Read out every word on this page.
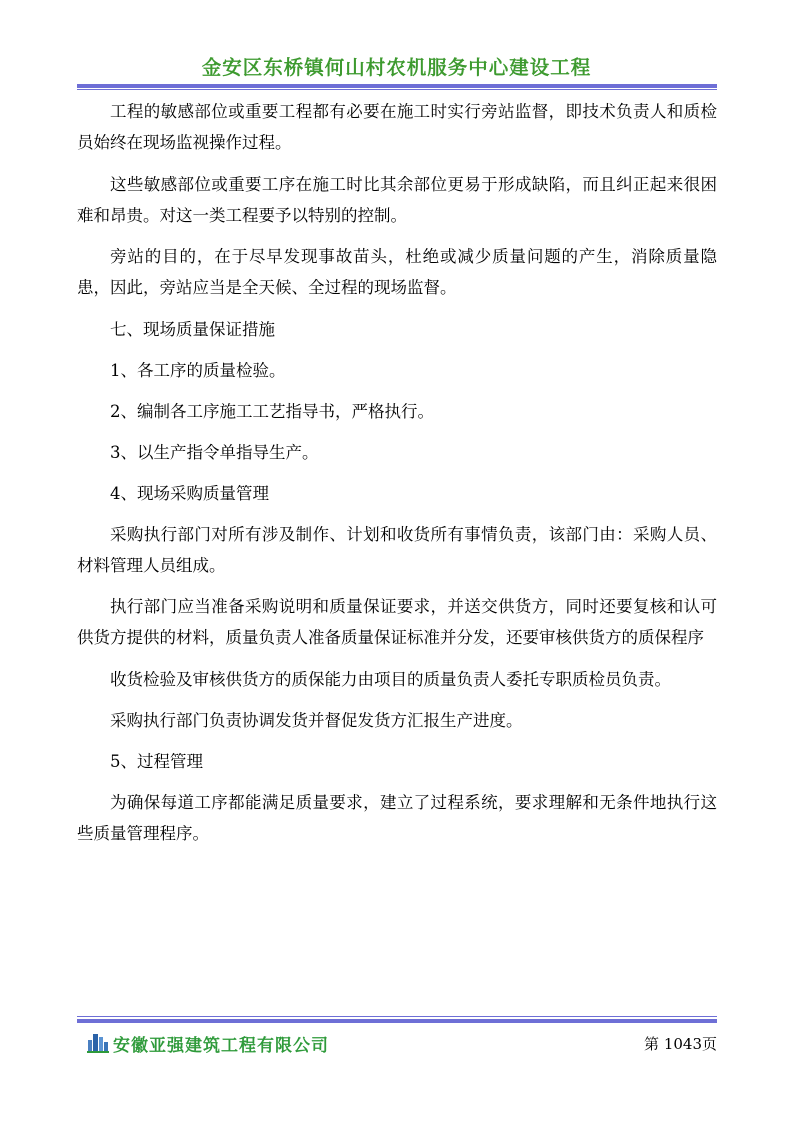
金安区东桥镇何山村农机服务中心建设工程

工程的敏感部位或重要工程都有必要在施工时实行旁站监督，即技术负责人和质检员始终在现场监视操作过程。

这些敏感部位或重要工序在施工时比其余部位更易于形成缺陷，而且纠正起来很困难和昂贵。对这一类工程要予以特别的控制。

旁站的目的，在于尽早发现事故苗头，杜绝或减少质量问题的产生，消除质量隐患，因此，旁站应当是全天候、全过程的现场监督。

七、现场质量保证措施

1、各工序的质量检验。

2、编制各工序施工工艺指导书，严格执行。

3、以生产指令单指导生产。

4、现场采购质量管理

采购执行部门对所有涉及制作、计划和收货所有事情负责，该部门由：采购人员、材料管理人员组成。

执行部门应当准备采购说明和质量保证要求，并送交供货方，同时还要复核和认可供货方提供的材料，质量负责人准备质量保证标准并分发，还要审核供货方的质保程序

收货检验及审核供货方的质保能力由项目的质量负责人委托专职质检员负责。

采购执行部门负责协调发货并督促发货方汇报生产进度。

5、过程管理

为确保每道工序都能满足质量要求，建立了过程系统，要求理解和无条件地执行这些质量管理程序。

安徽亚强建筑工程有限公司	第 1043页
